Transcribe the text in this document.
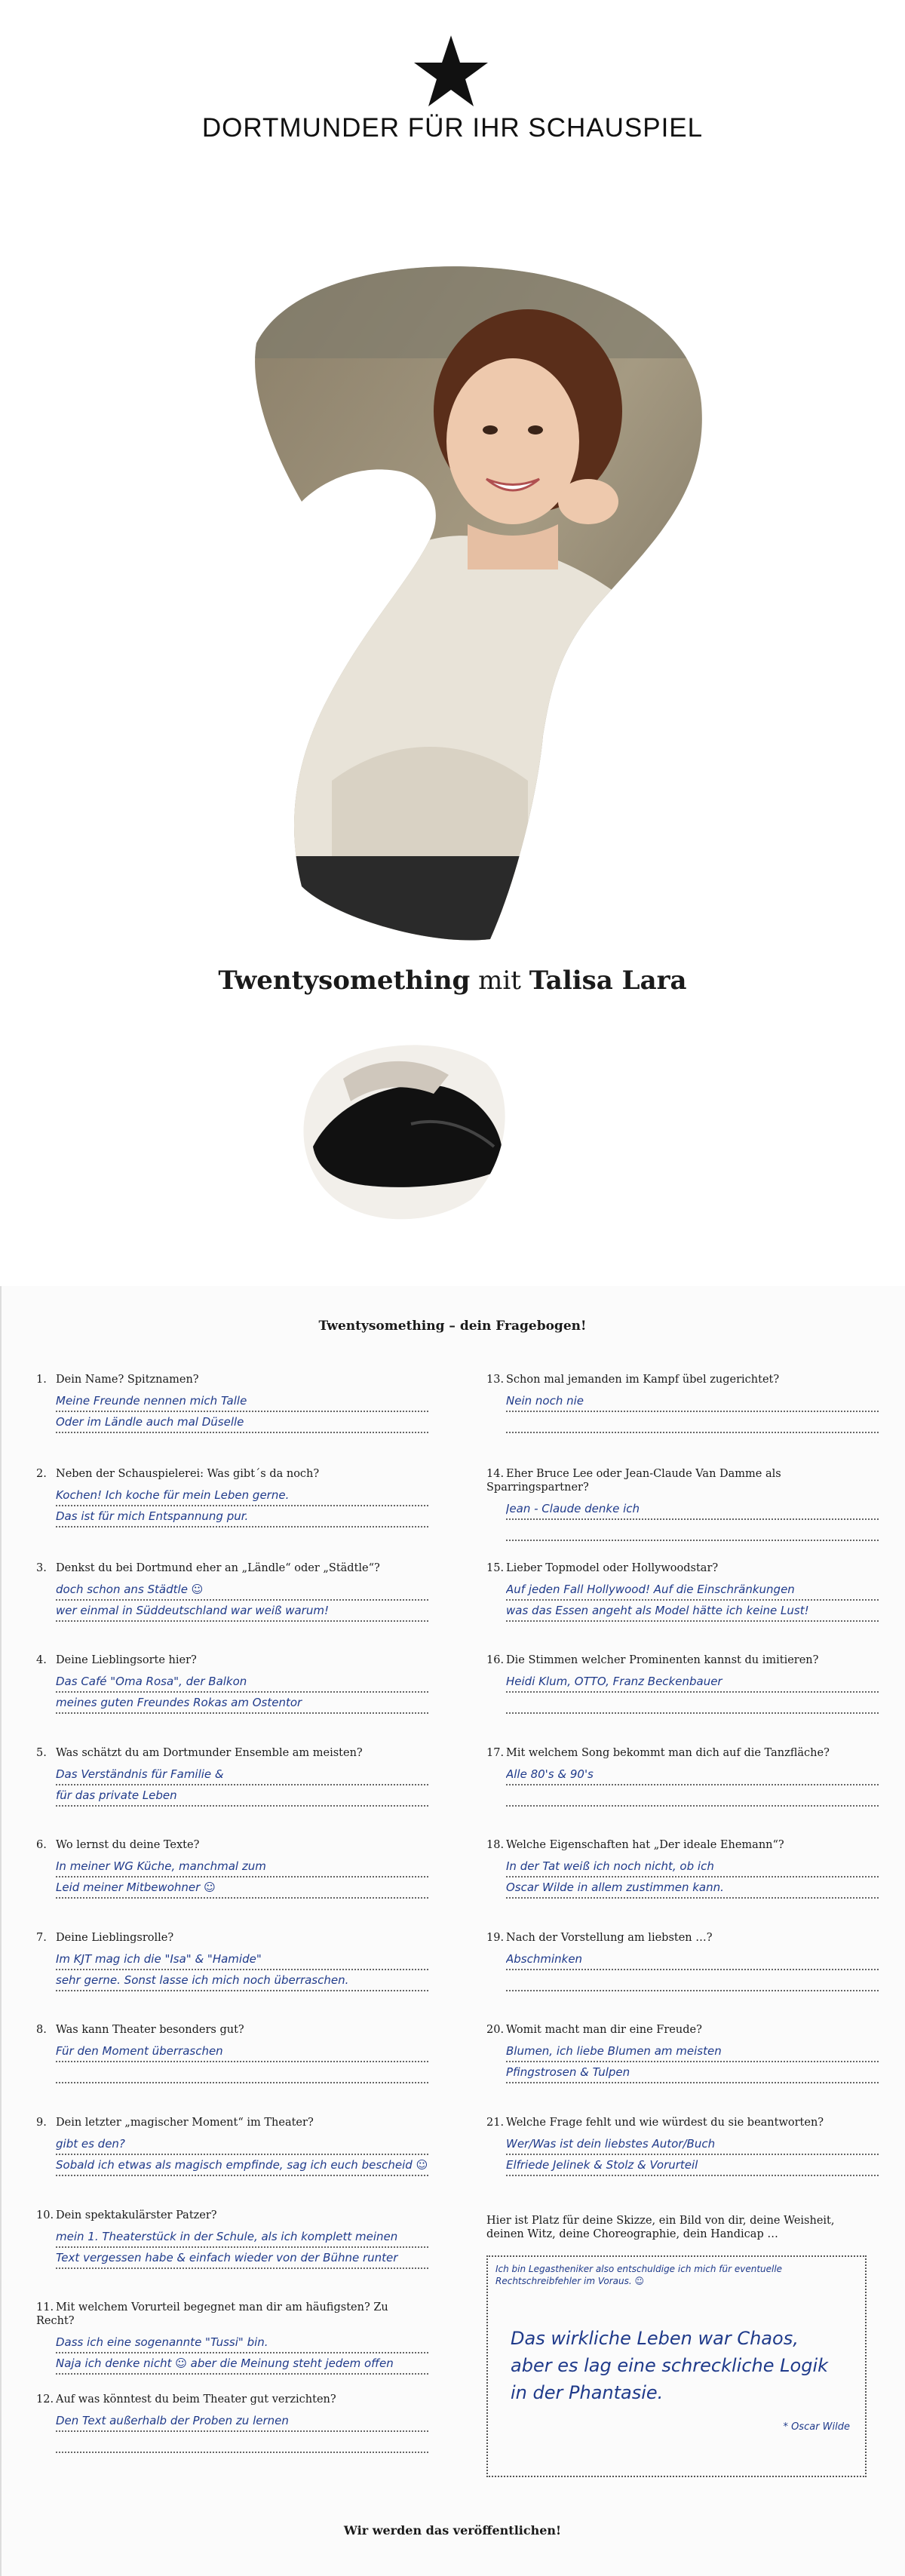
DORTMUNDER FÜR IHR SCHAUSPIEL
Twentysomething mit Talisa Lara
Twentysomething – dein Fragebogen!
Hier ist Platz für deine Skizze, ein Bild von dir, deine Weisheit, deinen Witz, deine Choreographie, dein Handicap …
Ich bin Legastheniker also entschuldige ich mich für eventuelle Rechtschreibfehler im Voraus. ☺
Das wirkliche Leben war Chaos, aber es lag eine schreckliche Logik in der Phantasie.
* Oscar Wilde
Wir werden das veröffentlichen!
1. Dein Name? Spitznamen?
Meine Freunde nennen mich Talle
Oder im Ländle auch mal Düselle
2. Neben der Schauspielerei: Was gibt´s da noch?
Kochen! Ich koche für mein Leben gerne.
Das ist für mich Entspannung pur.
3. Denkst du bei Dortmund eher an „Ländle“ oder „Städtle“?
doch schon ans Städtle ☺
wer einmal in Süddeutschland war weiß warum!
4. Deine Lieblingsorte hier?
Das Café "Oma Rosa", der Balkon
meines guten Freundes Rokas am Ostentor
5. Was schätzt du am Dortmunder Ensemble am meisten?
Das Verständnis für Familie &
für das private Leben
6. Wo lernst du deine Texte?
In meiner WG Küche, manchmal zum
Leid meiner Mitbewohner ☺
7. Deine Lieblingsrolle?
Im KJT mag ich die "Isa" & "Hamide"
sehr gerne. Sonst lasse ich mich noch überraschen.
8. Was kann Theater besonders gut?
Für den Moment überraschen
9. Dein letzter „magischer Moment“ im Theater?
gibt es den?
Sobald ich etwas als magisch empfinde, sag ich euch bescheid ☺
10. Dein spektakulärster Patzer?
mein 1. Theaterstück in der Schule, als ich komplett meinen
Text vergessen habe & einfach wieder von der Bühne runter
11. Mit welchem Vorurteil begegnet man dir am häufigsten? Zu Recht?
Dass ich eine sogenannte "Tussi" bin.
Naja ich denke nicht ☺ aber die Meinung steht jedem offen
12. Auf was könntest du beim Theater gut verzichten?
Den Text außerhalb der Proben zu lernen
13. Schon mal jemanden im Kampf übel zugerichtet?
Nein noch nie
14. Eher Bruce Lee oder Jean-Claude Van Damme als Sparringspartner?
Jean - Claude denke ich
15. Lieber Topmodel oder Hollywoodstar?
Auf jeden Fall Hollywood! Auf die Einschränkungen
was das Essen angeht als Model hätte ich keine Lust!
16. Die Stimmen welcher Prominenten kannst du imitieren?
Heidi Klum, OTTO, Franz Beckenbauer
17. Mit welchem Song bekommt man dich auf die Tanzfläche?
Alle 80's & 90's
18. Welche Eigenschaften hat „Der ideale Ehemann“?
In der Tat weiß ich noch nicht, ob ich
Oscar Wilde in allem zustimmen kann.
19. Nach der Vorstellung am liebsten …?
Abschminken
20. Womit macht man dir eine Freude?
Blumen, ich liebe Blumen am meisten
Pfingstrosen & Tulpen
21. Welche Frage fehlt und wie würdest du sie beantworten?
Wer/Was ist dein liebstes Autor/Buch
Elfriede Jelinek & Stolz & Vorurteil
